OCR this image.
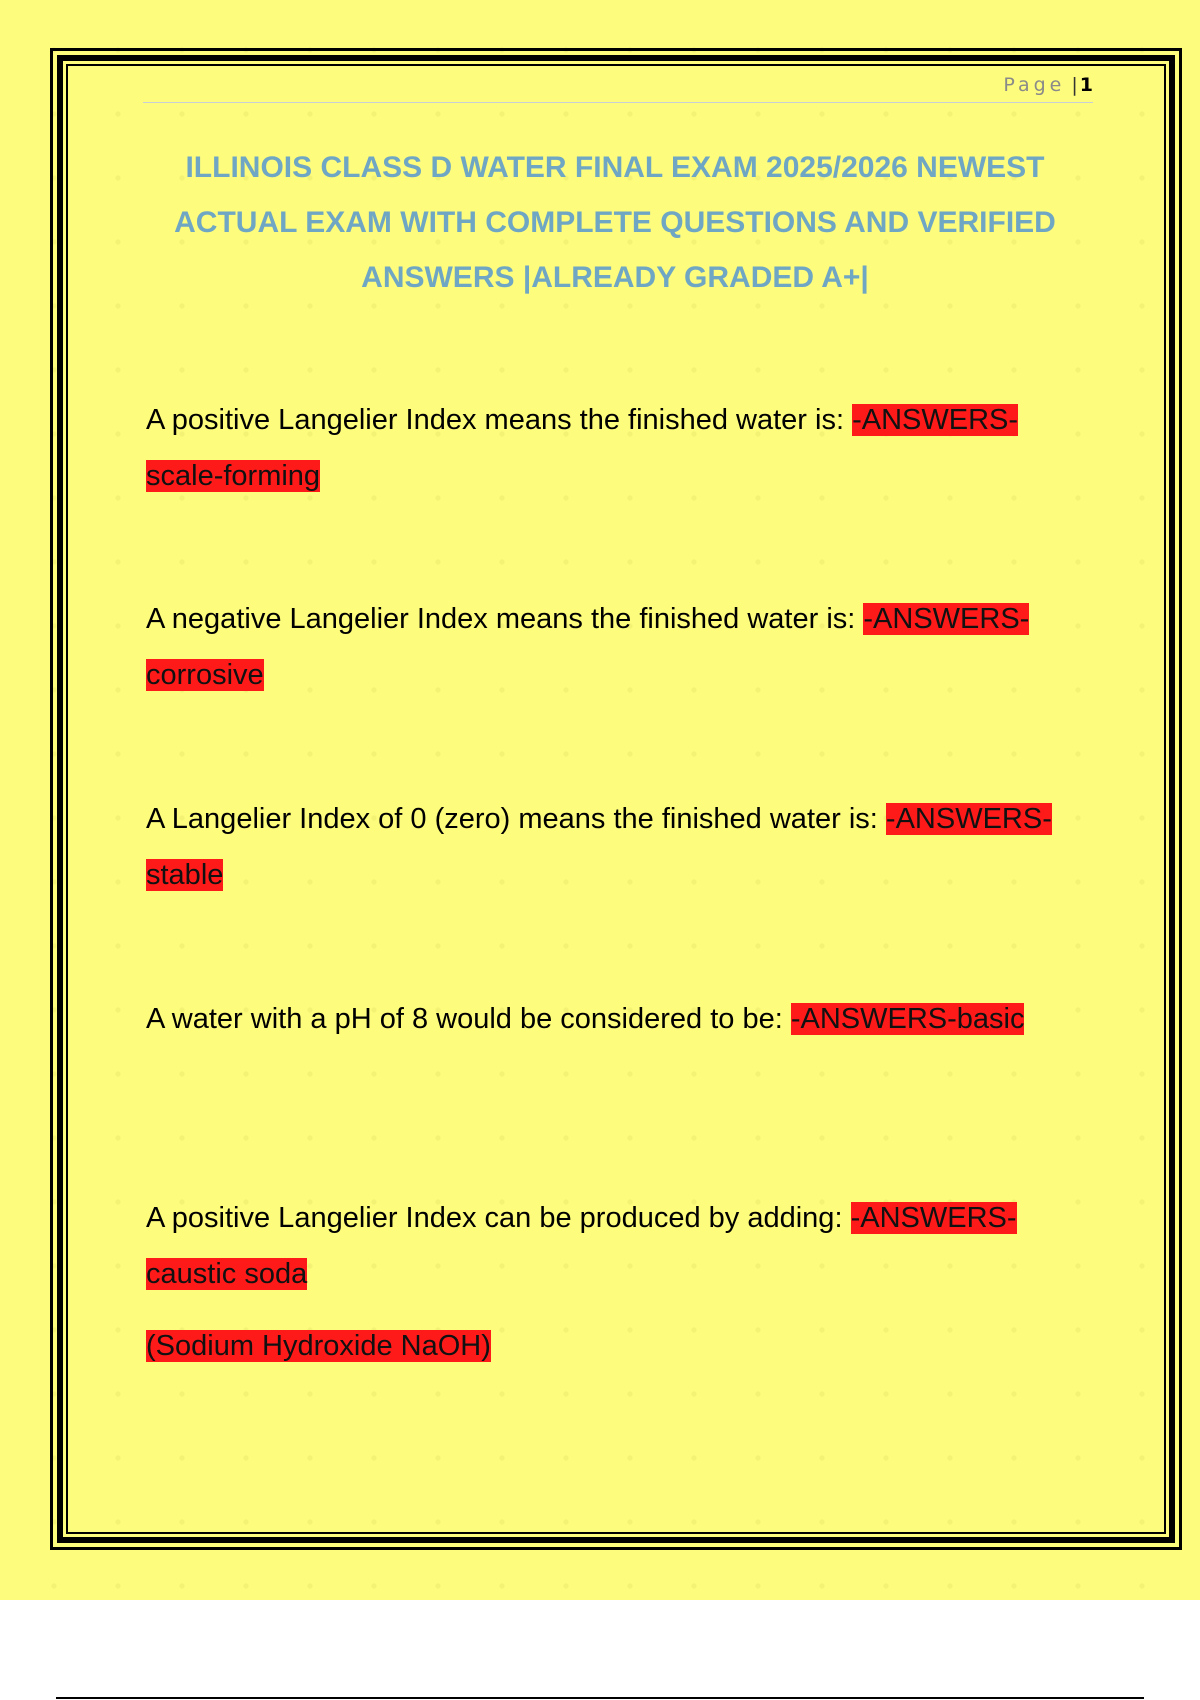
Page | 1
ILLINOIS CLASS D WATER FINAL EXAM 2025/2026 NEWEST ACTUAL EXAM WITH COMPLETE QUESTIONS AND VERIFIED ANSWERS |ALREADY GRADED A+|
A positive Langelier Index means the finished water is: -ANSWERS-scale-forming
A negative Langelier Index means the finished water is: -ANSWERS-corrosive
A Langelier Index of 0 (zero) means the finished water is: -ANSWERS-stable
A water with a pH of 8 would be considered to be: -ANSWERS-basic
A positive Langelier Index can be produced by adding: -ANSWERS-caustic soda
(Sodium Hydroxide NaOH)
